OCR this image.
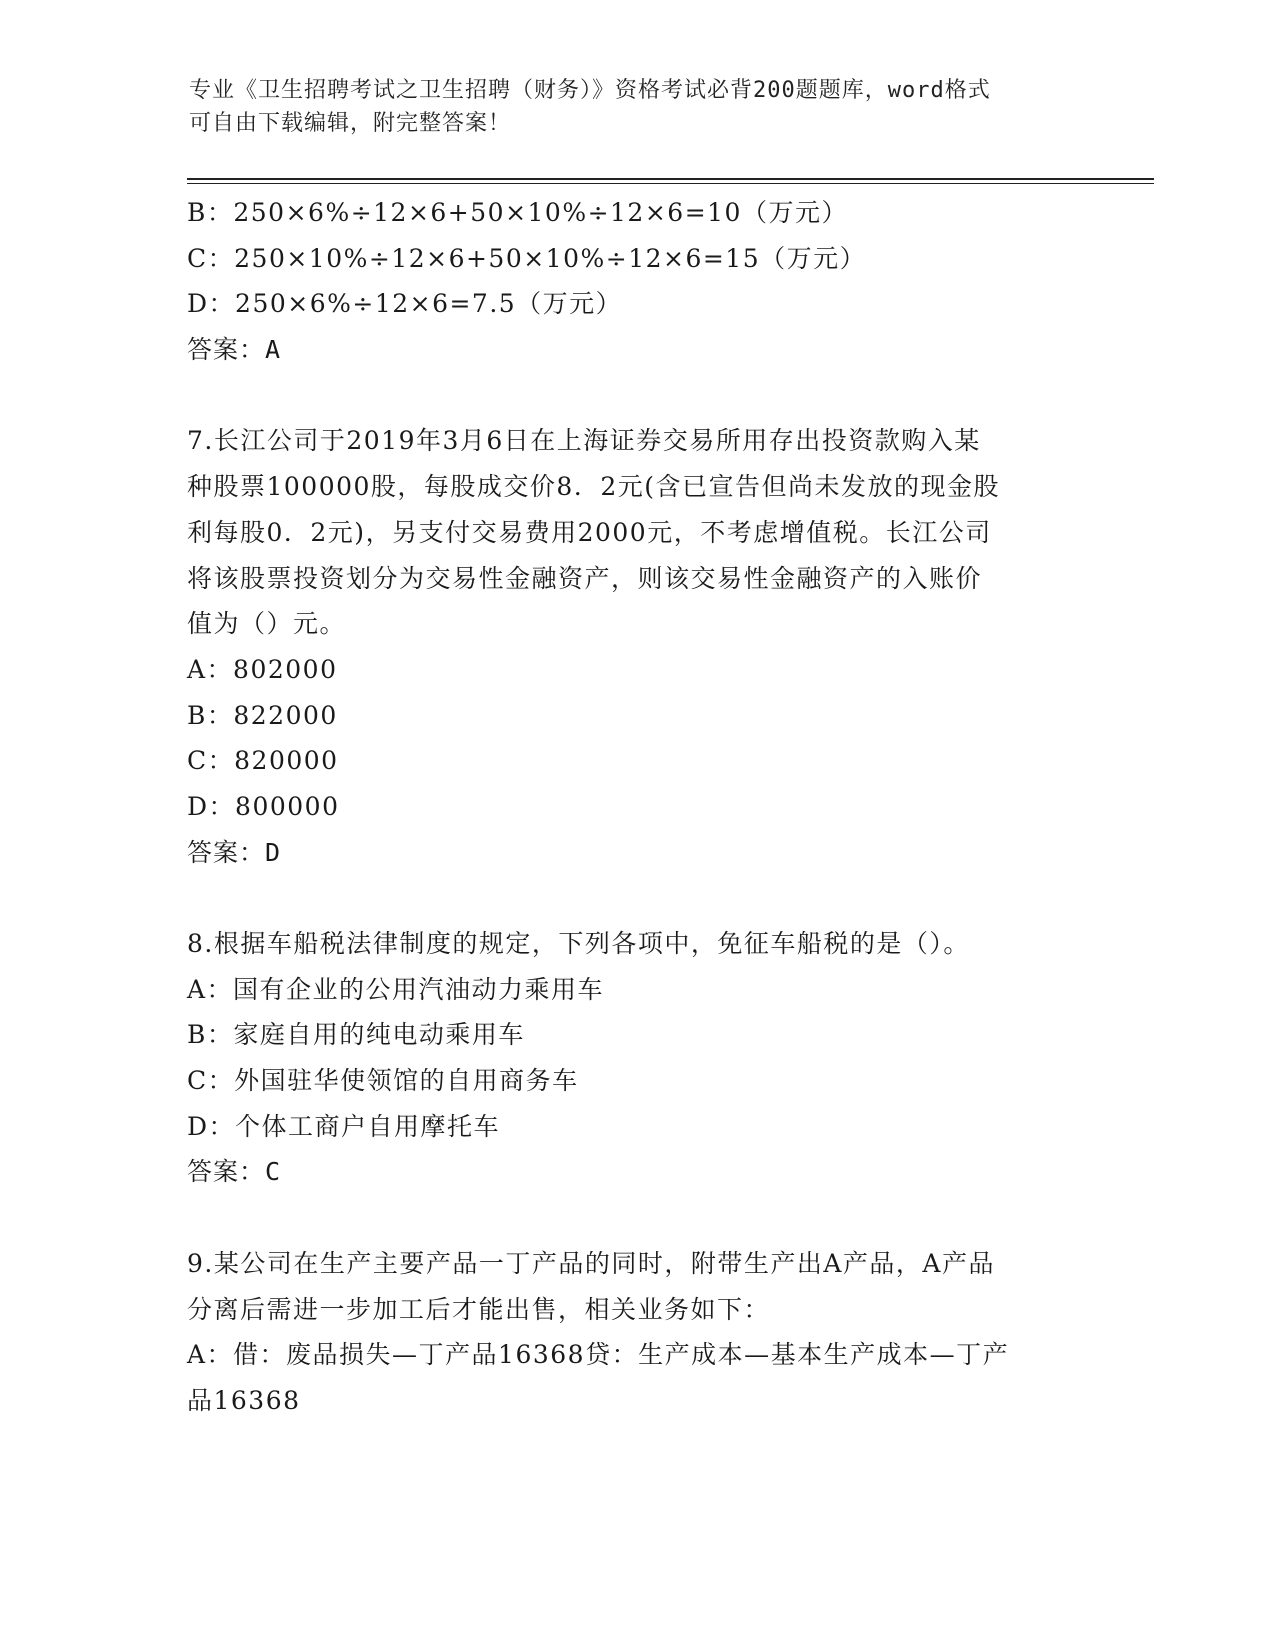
专业《卫生招聘考试之卫生招聘（财务）》资格考试必背200题题库，word格式
可自由下载编辑，附完整答案！
B：250×6%÷12×6+50×10%÷12×6=10（万元）
C：250×10%÷12×6+50×10%÷12×6=15（万元）
D：250×6%÷12×6=7.5（万元）
答案：A
7.长江公司于2019年3月6日在上海证券交易所用存出投资款购入某
种股票100000股，每股成交价8．2元(含已宣告但尚未发放的现金股
利每股0．2元)，另支付交易费用2000元，不考虑增值税。长江公司
将该股票投资划分为交易性金融资产，则该交易性金融资产的入账价
值为（）元。
A：802000
B：822000
C：820000
D：800000
答案：D
8.根据车船税法律制度的规定，下列各项中，免征车船税的是（）。
A：国有企业的公用汽油动力乘用车
B：家庭自用的纯电动乘用车
C：外国驻华使领馆的自用商务车
D：个体工商户自用摩托车
答案：C
9.某公司在生产主要产品一丁产品的同时，附带生产出A产品，A产品
分离后需进一步加工后才能出售，相关业务如下：
A：借：废品损失—丁产品16368贷：生产成本—基本生产成本—丁产
品16368
